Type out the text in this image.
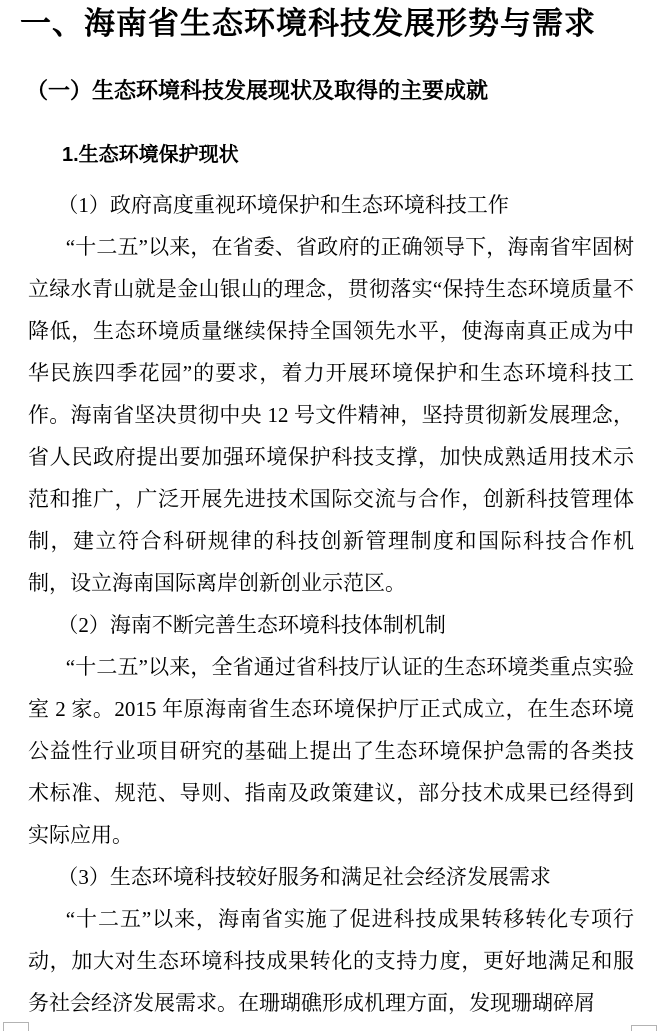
一、海南省生态环境科技发展形势与需求
（一）生态环境科技发展现状及取得的主要成就
1.生态环境保护现状

（1）政府高度重视环境保护和生态环境科技工作

“十二五”以来，在省委、省政府的正确领导下，海南省牢固树立绿水青山就是金山银山的理念，贯彻落实“保持生态环境质量不降低，生态环境质量继续保持全国领先水平，使海南真正成为中华民族四季花园”的要求，着力开展环境保护和生态环境科技工作。海南省坚决贯彻中央 12 号文件精神，坚持贯彻新发展理念，省人民政府提出要加强环境保护科技支撑，加快成熟适用技术示范和推广，广泛开展先进技术国际交流与合作，创新科技管理体制，建立符合科研规律的科技创新管理制度和国际科技合作机制，设立海南国际离岸创新创业示范区。

（2）海南不断完善生态环境科技体制机制

“十二五”以来，全省通过省科技厅认证的生态环境类重点实验室 2 家。2015 年原海南省生态环境保护厅正式成立，在生态环境公益性行业项目研究的基础上提出了生态环境保护急需的各类技术标准、规范、导则、指南及政策建议，部分技术成果已经得到实际应用。

（3）生态环境科技较好服务和满足社会经济发展需求

“十二五”以来，海南省实施了促进科技成果转移转化专项行动，加大对生态环境科技成果转化的支持力度，更好地满足和服务社会经济发展需求。在珊瑚礁形成机理方面，发现珊瑚碎屑
